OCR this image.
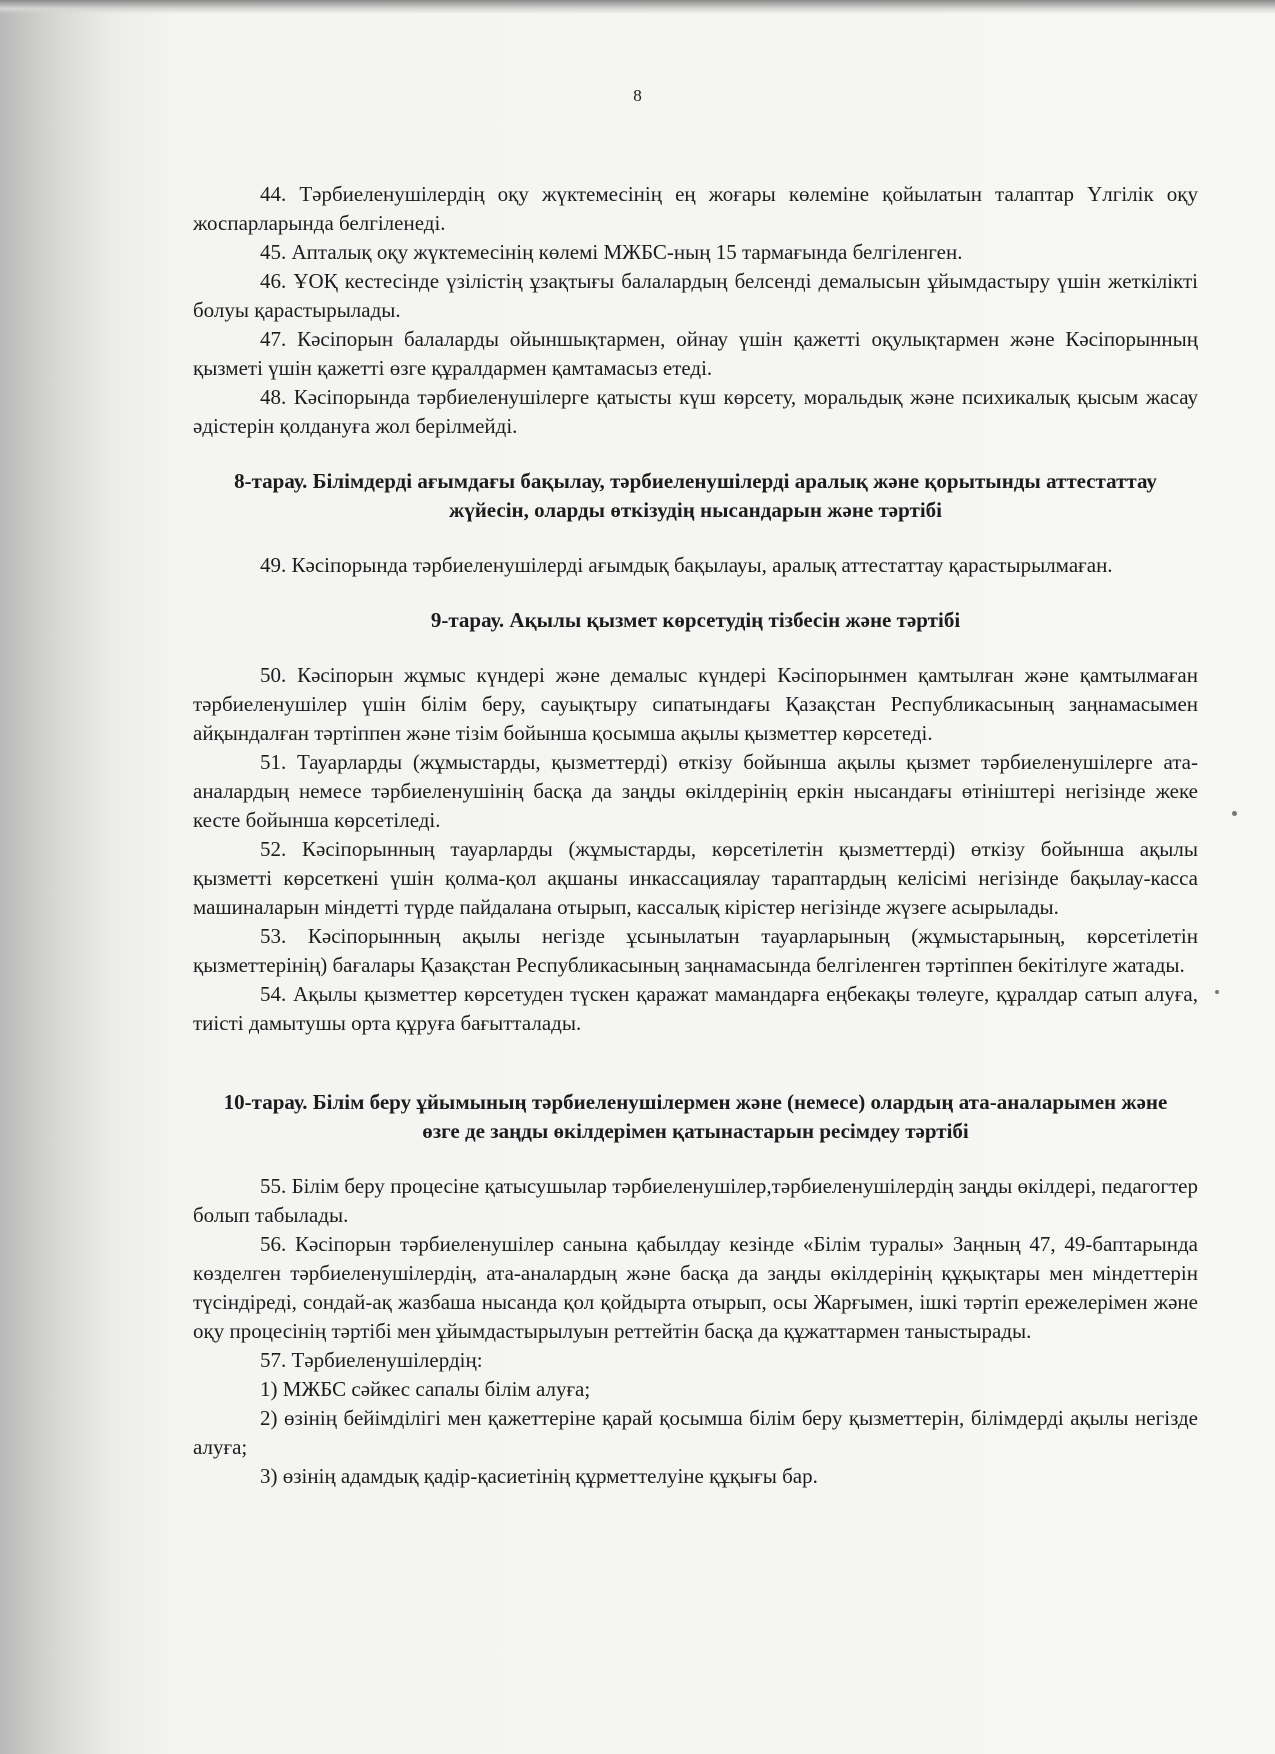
8

44. Тәрбиеленушілердің оқу жүктемесінің ең жоғары көлеміне қойылатын талаптар Үлгілік оқу жоспарларында белгіленеді.

45. Апталық оқу жүктемесінің көлемі МЖБС-ның 15 тармағында белгіленген.

46. ҰОҚ кестесінде үзілістің ұзақтығы балалардың белсенді демалысын ұйымдастыру үшін жеткілікті болуы қарастырылады.

47. Кәсіпорын балаларды ойыншықтармен, ойнау үшін қажетті оқулықтармен және Кәсіпорынның қызметі үшін қажетті өзге құралдармен қамтамасыз етеді.

48. Кәсіпорында тәрбиеленушілерге қатысты күш көрсету, моральдық және психикалық қысым жасау әдістерін қолдануға жол берілмейді.

8-тарау. Білімдерді ағымдағы бақылау, тәрбиеленушілерді аралық және қорытынды аттестаттау жүйесін, оларды өткізудің нысандарын және тәртібі

49. Кәсіпорында тәрбиеленушілерді ағымдық бақылауы, аралық аттестаттау қарастырылмаған.

9-тарау. Ақылы қызмет көрсетудің тізбесін және тәртібі

50. Кәсіпорын жұмыс күндері және демалыс күндері Кәсіпорынмен қамтылған және қамтылмаған тәрбиеленушілер үшін білім беру, сауықтыру сипатындағы Қазақстан Республикасының заңнамасымен айқындалған тәртіппен және тізім бойынша қосымша ақылы қызметтер көрсетеді.

51. Тауарларды (жұмыстарды, қызметтерді) өткізу бойынша ақылы қызмет тәрбиеленушілерге ата-аналардың немесе тәрбиеленушінің басқа да заңды өкілдерінің еркін нысандағы өтініштері негізінде жеке кесте бойынша көрсетіледі.

52. Кәсіпорынның тауарларды (жұмыстарды, көрсетілетін қызметтерді) өткізу бойынша ақылы қызметті көрсеткені үшін қолма-қол ақшаны инкассациялау тараптардың келісімі негізінде бақылау-касса машиналарын міндетті түрде пайдалана отырып, кассалық кірістер негізінде жүзеге асырылады.

53. Кәсіпорынның ақылы негізде ұсынылатын тауарларының (жұмыстарының, көрсетілетін қызметтерінің) бағалары Қазақстан Республикасының заңнамасында белгіленген тәртіппен бекітілуге жатады.

54. Ақылы қызметтер көрсетуден түскен қаражат мамандарға еңбекақы төлеуге, құралдар сатып алуға, тиісті дамытушы орта құруға бағытталады.

10-тарау. Білім беру ұйымының тәрбиеленушілермен және (немесе) олардың ата-аналарымен және өзге де заңды өкілдерімен қатынастарын ресімдеу тәртібі

55. Білім беру процесіне қатысушылар тәрбиеленушілер,тәрбиеленушілердің заңды өкілдері, педагогтер болып табылады.

56. Кәсіпорын тәрбиеленушілер санына қабылдау кезінде «Білім туралы» Заңның 47, 49-баптарында көзделген тәрбиеленушілердің, ата-аналардың және басқа да заңды өкілдерінің құқықтары мен міндеттерін түсіндіреді, сондай-ақ жазбаша нысанда қол қойдырта отырып, осы Жарғымен, ішкі тәртіп ережелерімен және оқу процесінің тәртібі мен ұйымдастырылуын реттейтін басқа да құжаттармен таныстырады.

57. Тәрбиеленушілердің:

1) МЖБС сәйкес сапалы білім алуға;

2) өзінің бейімділігі мен қажеттеріне қарай қосымша білім беру қызметтерін, білімдерді ақылы негізде алуға;

3) өзінің адамдық қадір-қасиетінің құрметтелуіне құқығы бар.
